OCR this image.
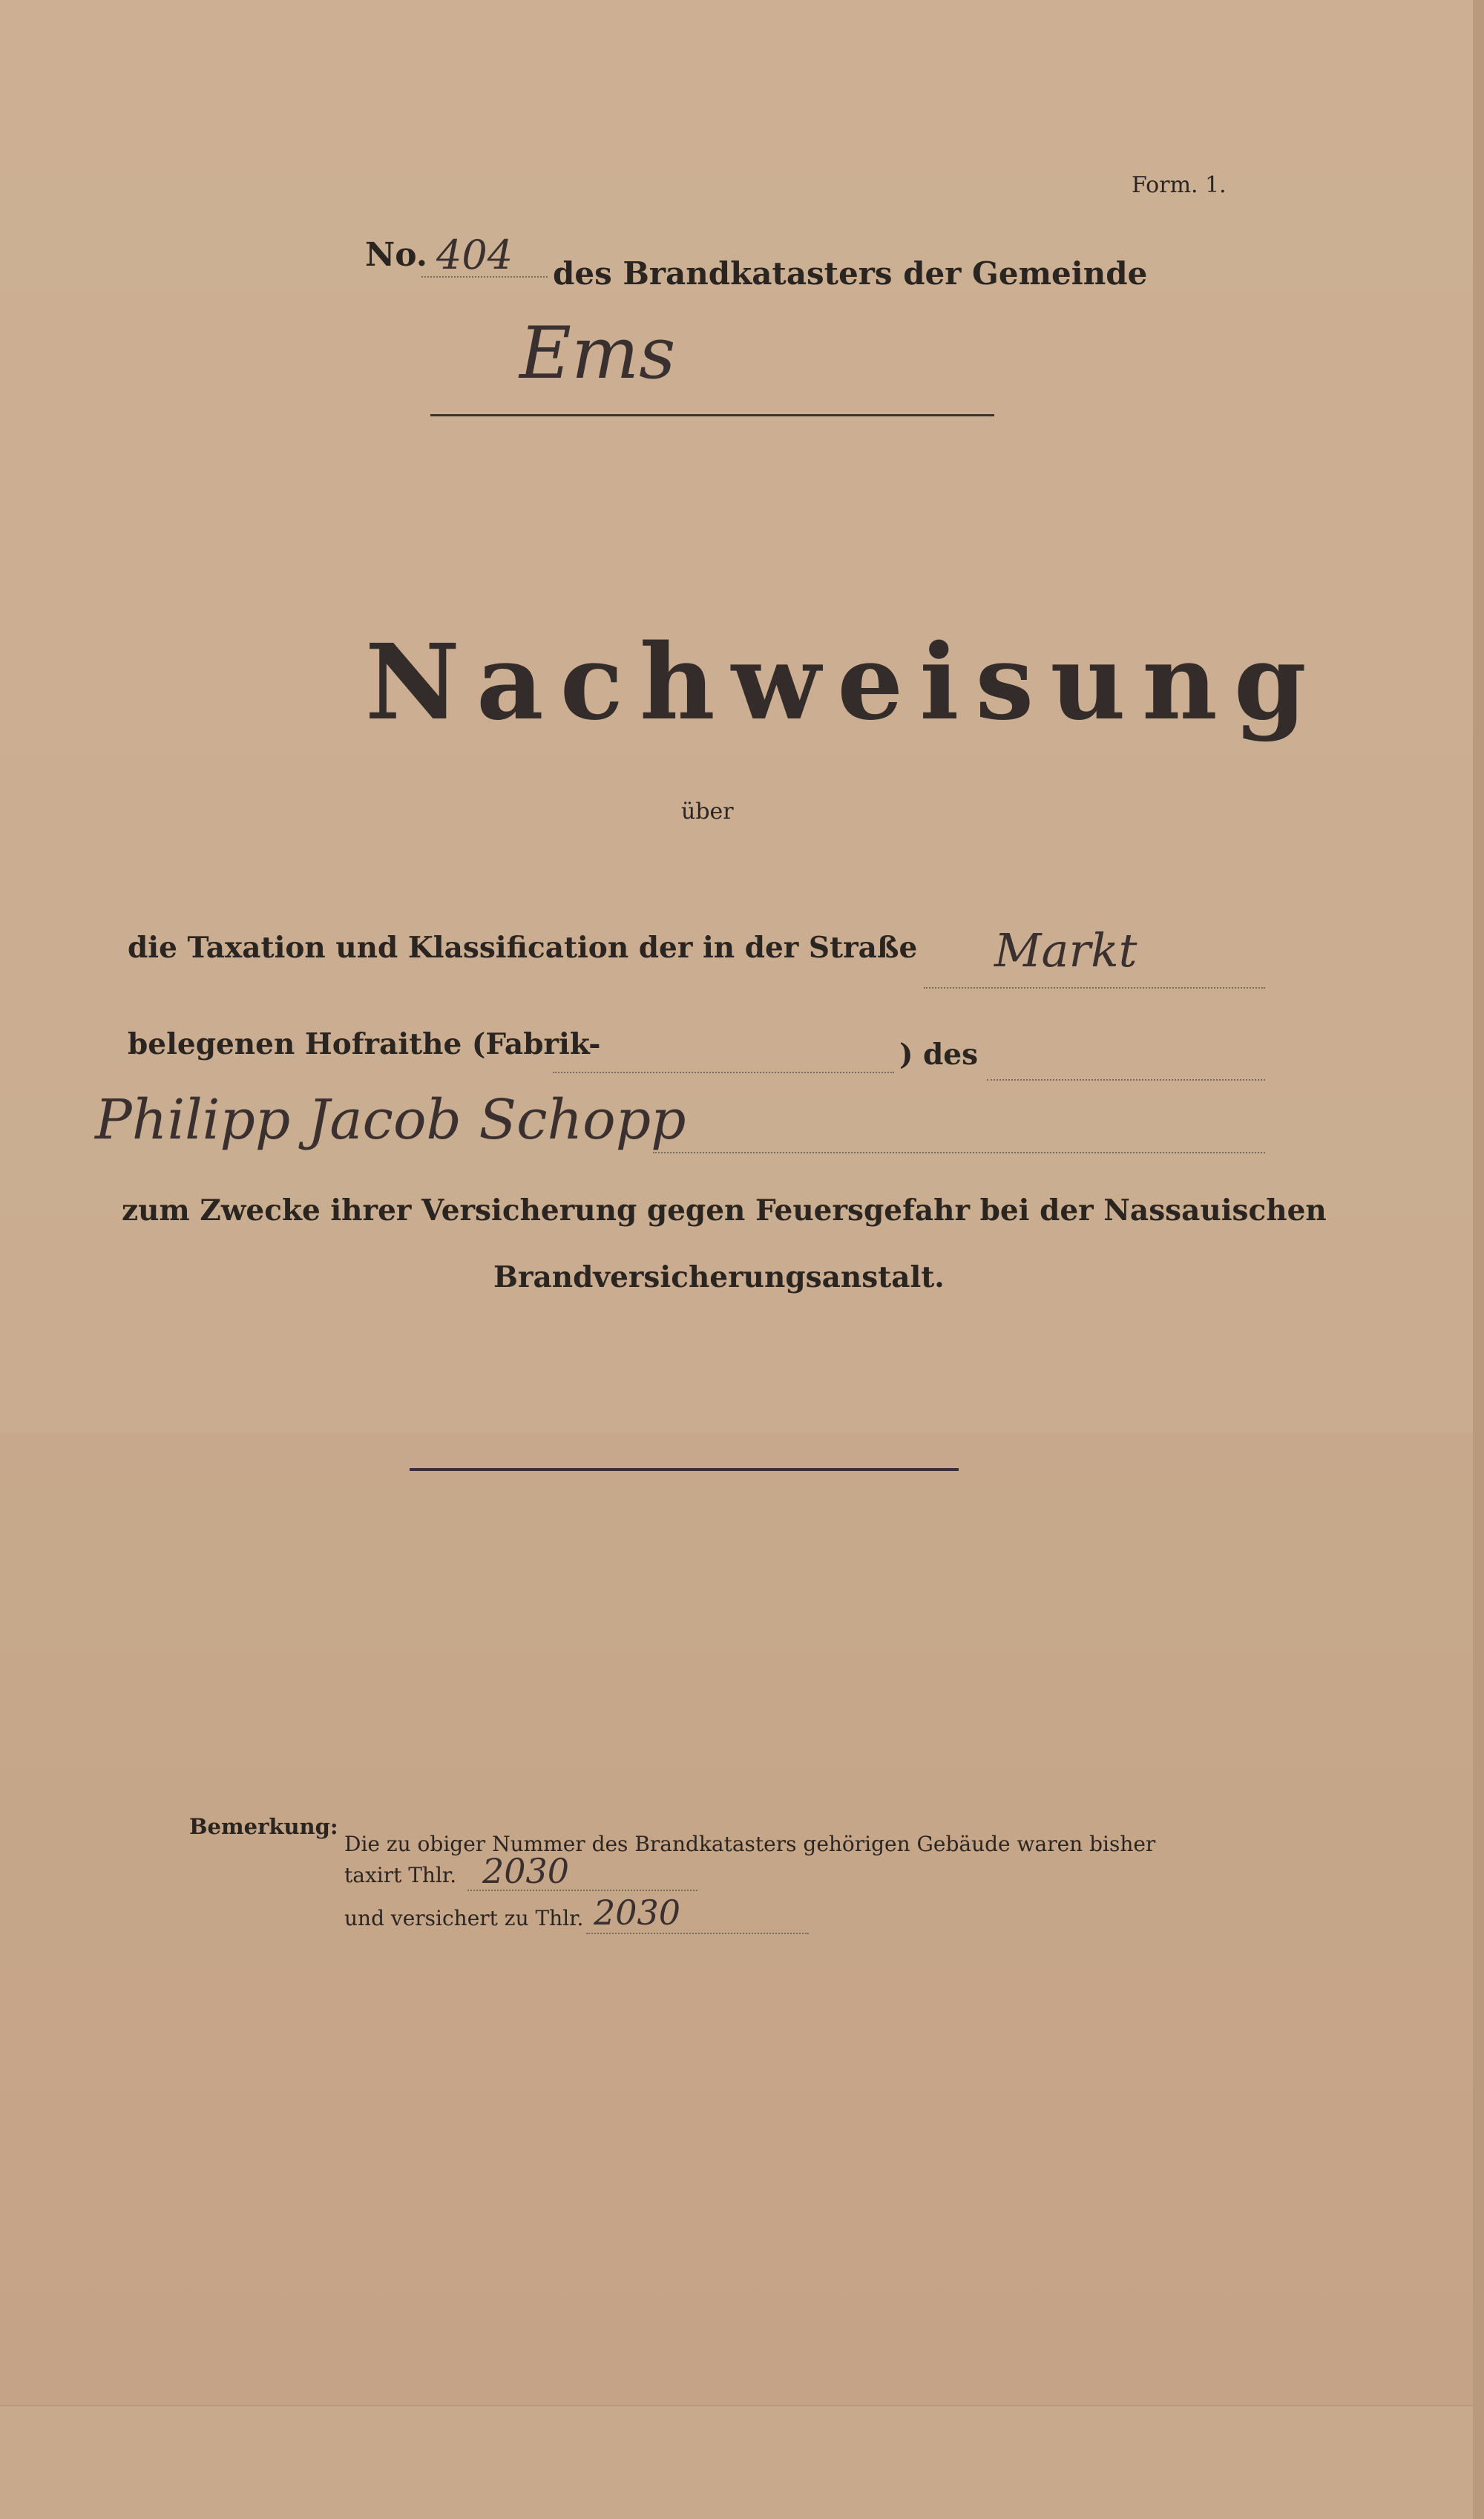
Form. 1.
No. 404 des Brandkatasters der Gemeinde
Ems
Nachweisung
über
die Taxation und Klassification der in der Straße Markt
belegenen Hofraithe (Fabrik-	) des
Philipp Jacob Schopp
zum Zwecke ihrer Versicherung gegen Feuersgefahr bei der Nassauischen
Brandversicherungsanstalt.
Bemerkung:
Die zu obiger Nummer des Brandkatasters gehörigen Gebäude waren bisher
taxirt Thlr. 2030
und versichert zu Thlr. 2030
